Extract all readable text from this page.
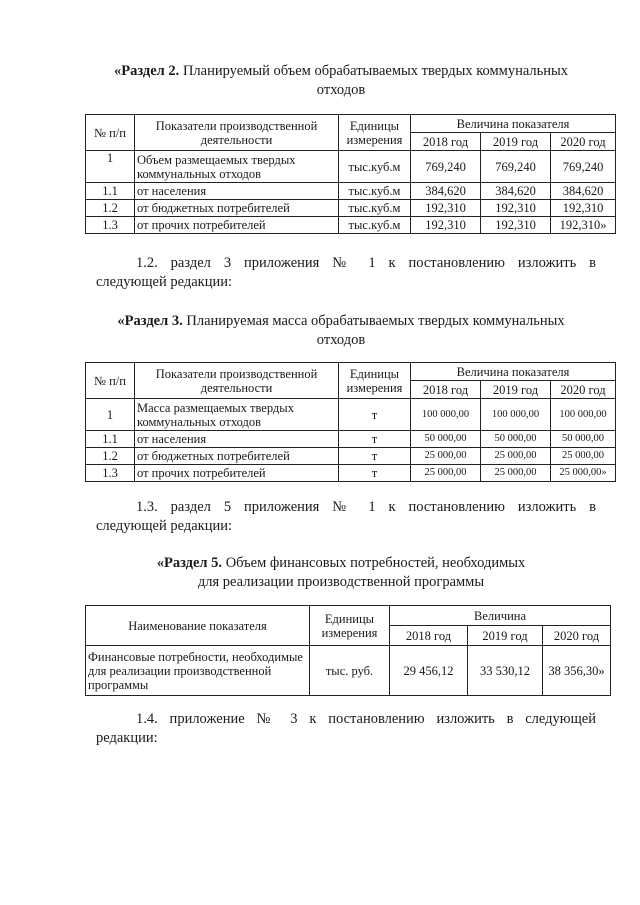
«Раздел 2. Планируемый объем обрабатываемых твердых коммунальных
отходов
№ п/п	Показатели производственной деятельности	Единицы измерения	Величина показателя		
			2018 год	2019 год	2020 год
1	Объем размещаемых твердых коммунальных отходов	тыс.куб.м	769,240	769,240	769,240
1.1	от населения	тыс.куб.м	384,620	384,620	384,620
1.2	от бюджетных потребителей	тыс.куб.м	192,310	192,310	192,310
1.3	от прочих потребителей	тыс.куб.м	192,310	192,310	192,310»
1.2. раздел 3 приложения № 1 к постановлению изложить в
следующей редакции:
«Раздел 3. Планируемая масса обрабатываемых твердых коммунальных
отходов
№ п/п	Показатели производственной деятельности	Единицы измерения	Величина показателя		
			2018 год	2019 год	2020 год
1	Масса размещаемых твердых коммунальных отходов	т	100 000,00	100 000,00	100 000,00
1.1	от населения	т	50 000,00	50 000,00	50 000,00
1.2	от бюджетных потребителей	т	25 000,00	25 000,00	25 000,00
1.3	от прочих потребителей	т	25 000,00	25 000,00	25 000,00»
1.3. раздел 5 приложения № 1 к постановлению изложить в
следующей редакции:
«Раздел 5. Объем финансовых потребностей, необходимых
для реализации производственной программы
Наименование показателя	Единицы измерения	Величина		
		2018 год	2019 год	2020 год
Финансовые потребности, необходимые для реализации производственной программы	тыс. руб.	29 456,12	33 530,12	38 356,30»
1.4. приложение № 3 к постановлению изложить в следующей
редакции:
